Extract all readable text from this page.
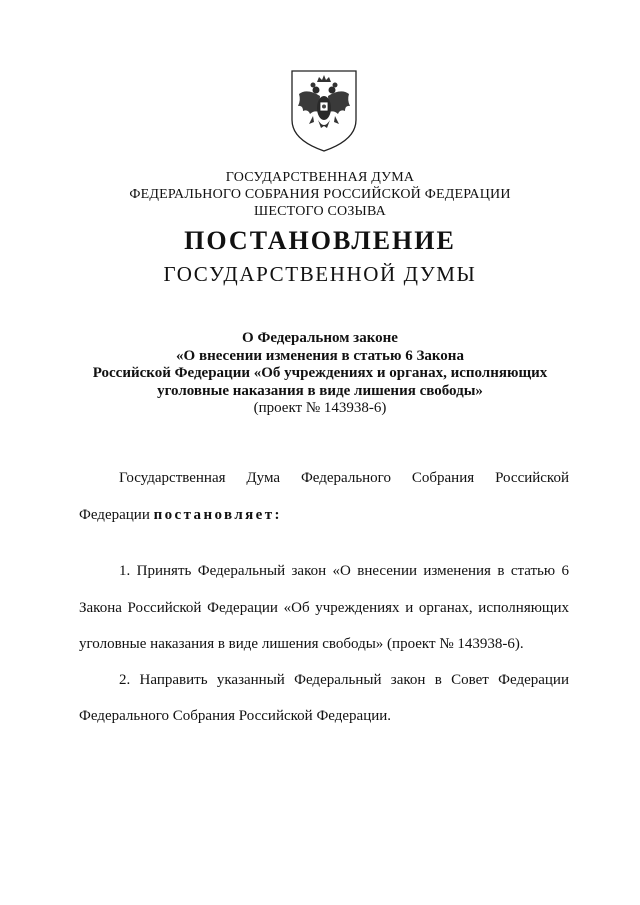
ГОСУДАРСТВЕННАЯ ДУМА
ФЕДЕРАЛЬНОГО СОБРАНИЯ РОССИЙСКОЙ ФЕДЕРАЦИИ
ШЕСТОГО СОЗЫВА
ПОСТАНОВЛЕНИЕ
ГОСУДАРСТВЕННОЙ ДУМЫ
О Федеральном законе
«О внесении изменения в статью 6 Закона
Российской Федерации «Об учреждениях и органах, исполняющих
уголовные наказания в виде лишения свободы»
(проект № 143938-6)
Государственная Дума Федерального Собрания Российской
Федерации постановляет:
1. Принять Федеральный закон «О внесении изменения в статью 6
Закона Российской Федерации «Об учреждениях и органах, исполняющих
уголовные наказания в виде лишения свободы» (проект № 143938-6).
2. Направить указанный Федеральный закон в Совет Федерации
Федерального Собрания Российской Федерации.
